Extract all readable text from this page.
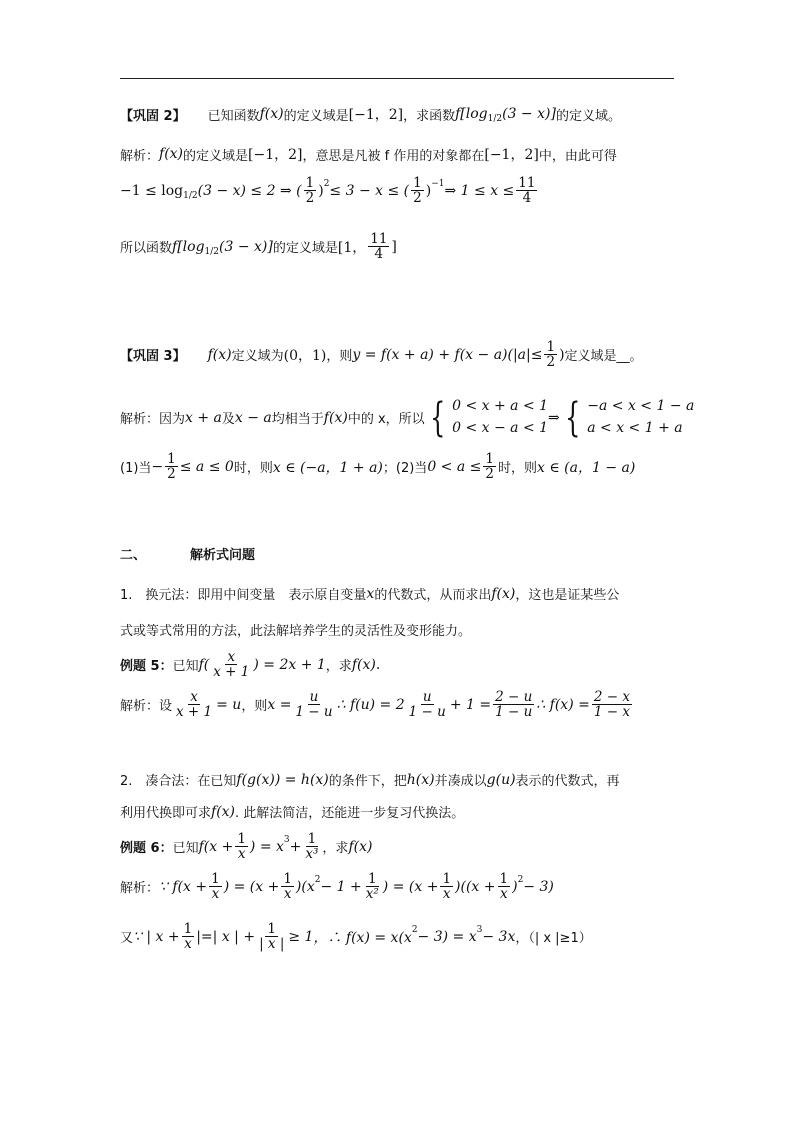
【巩固 2】 已知函数 f(x) 的定义域是 [−1，2] ，求函数 f[log 1/2 (3 − x)] 的定义域。
解析： f(x) 的定义域是 [−1，2] ，意思是凡被 f 作用的对象都在 [−1，2] 中，由此可得
−1 ≤ log 1/2 (3 − x) ≤ 2 ⇒ ( $\frac{1}{2}$ ) 2 ≤ 3 − x ≤ ( $\frac{1}{2}$ ) −1 ⇒ $1 \le x \le \frac{11}{4}$
所以函数 f[log 1/2 (3 − x)] 的定义域是 [1， $\frac{11}{4}$ ]
【巩固 3】 f(x) 定义域为 (0，1) ，则 $y = f(x + a) + f(x - a)(|a|\le \frac{1}{2}$ ) 定义域是__。
解析：因为 x + a 及 x − a 均相当于 f(x) 中的 x，所以 { 0 < x + a < 1
0 < x − a < 1
⇒ { −a < x < 1 − a
a < x < 1 + a
(1)当 − $\frac{1}{2} \le a \le 0$ 时，则 x ∈ (−a，1 + a) ；(2)当 $0 < a \le \frac{1}{2}$ 时，则 x ∈ (a，1 − a)
二、	解析式问题
1.　换元法：即用中间变量　表示原自变量 x 的代数式，从而求出 f(x) ，这也是证某些公
式或等式常用的方法，此法解培养学生的灵活性及变形能力。
例题 5： 已知 $f( \frac{x}{x + 1}$ ) = 2x + 1 ，求 f(x) .
解析：设 $\frac{x}{x + 1} = u$ ，则 $x = \frac{u}{1 - u}$ ∴ $f(u) = 2 \frac{u}{1 - u} + 1 = \frac{2 - u}{1 - u}$ ∴ $f(x) = \frac{2 - x}{1 - x}$
2.　凑合法：在已知 f(g(x)) = h(x) 的条件下，把 h(x) 并凑成以 g(u) 表示的代数式，再
利用代换即可求 f(x) . 此解法简洁，还能进一步复习代换法。
例题 6： 已知 $f(x + \frac{1}{x}$ ) = x $3 + \frac{1}{\text{x³}}$ ，求 f(x)
解析： ∵ $f(x + \frac{1}{x}$ ) = $(x + \frac{1}{x} )(x$ $2 - 1 + \frac{1}{\text{x²}}$ ) = $(x + \frac{1}{x} )((x + \frac{1}{x}$ ) 2 − 3)
又 ∵ | $x + \frac{1}{x}$ |=| x | + $\frac{1}{| x |} \ge 1$ ，∴ f(x) = x(x 2 − 3) = x 3 − 3x ，（| x |≥1）
